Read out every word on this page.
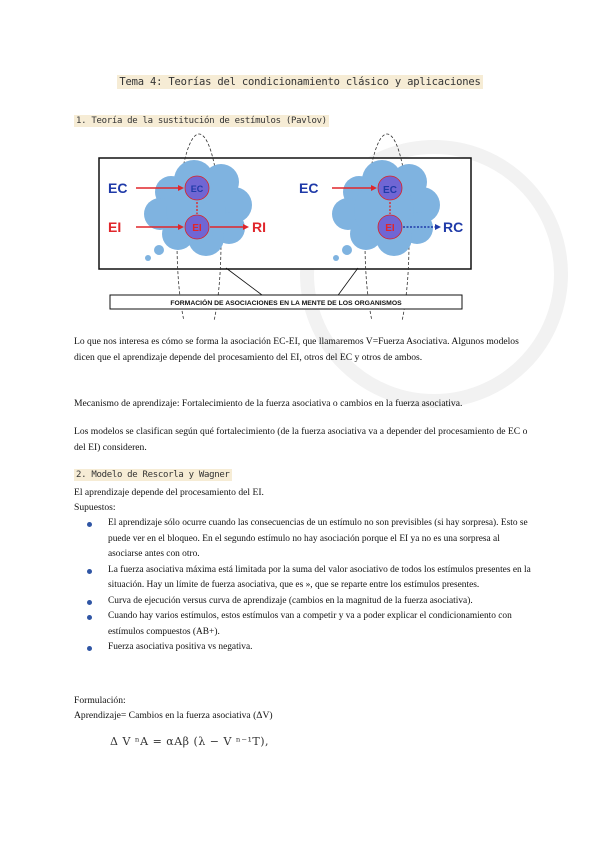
Tema 4: Teorías del condicionamiento clásico y aplicaciones
1. Teoría de la sustitución de estímulos (Pavlov)
EC
EI
EC
EI	RI
EC
EI
EC
RC
FORMACIÓN DE ASOCIACIONES EN LA MENTE DE LOS ORGANISMOS
Lo que nos interesa es cómo se forma la asociación EC-EI, que llamaremos V=Fuerza Asociativa. Algunos modelos dicen que el aprendizaje depende del procesamiento del EI, otros del EC y otros de ambos.
Mecanismo de aprendizaje: Fortalecimiento de la fuerza asociativa o cambios en la fuerza asociativa.
Los modelos se clasifican según qué fortalecimiento (de la fuerza asociativa va a depender del procesamiento de EC o del EI) consideren.
2. Modelo de Rescorla y Wagner
El aprendizaje depende del procesamiento del EI.
Supuestos:
El aprendizaje sólo ocurre cuando las consecuencias de un estímulo no son previsibles (si hay sorpresa). Esto se puede ver en el bloqueo. En el segundo estímulo no hay asociación porque el EI ya no es una sorpresa al asociarse antes con otro.
La fuerza asociativa máxima está limitada por la suma del valor asociativo de todos los estímulos presentes en la situación. Hay un límite de fuerza asociativa, que es », que se reparte entre los estímulos presentes.
Curva de ejecución versus curva de aprendizaje (cambios en la magnitud de la fuerza asociativa).
Cuando hay varios estímulos, estos estímulos van a competir y va a poder explicar el condicionamiento con estímulos compuestos (AB+).
Fuerza asociativa positiva vs negativa.
Formulación:
Aprendizaje= Cambios en la fuerza asociativa (ΔV)
Δ V ⁿA = αAβ (λ − V ⁿ⁻¹T),
